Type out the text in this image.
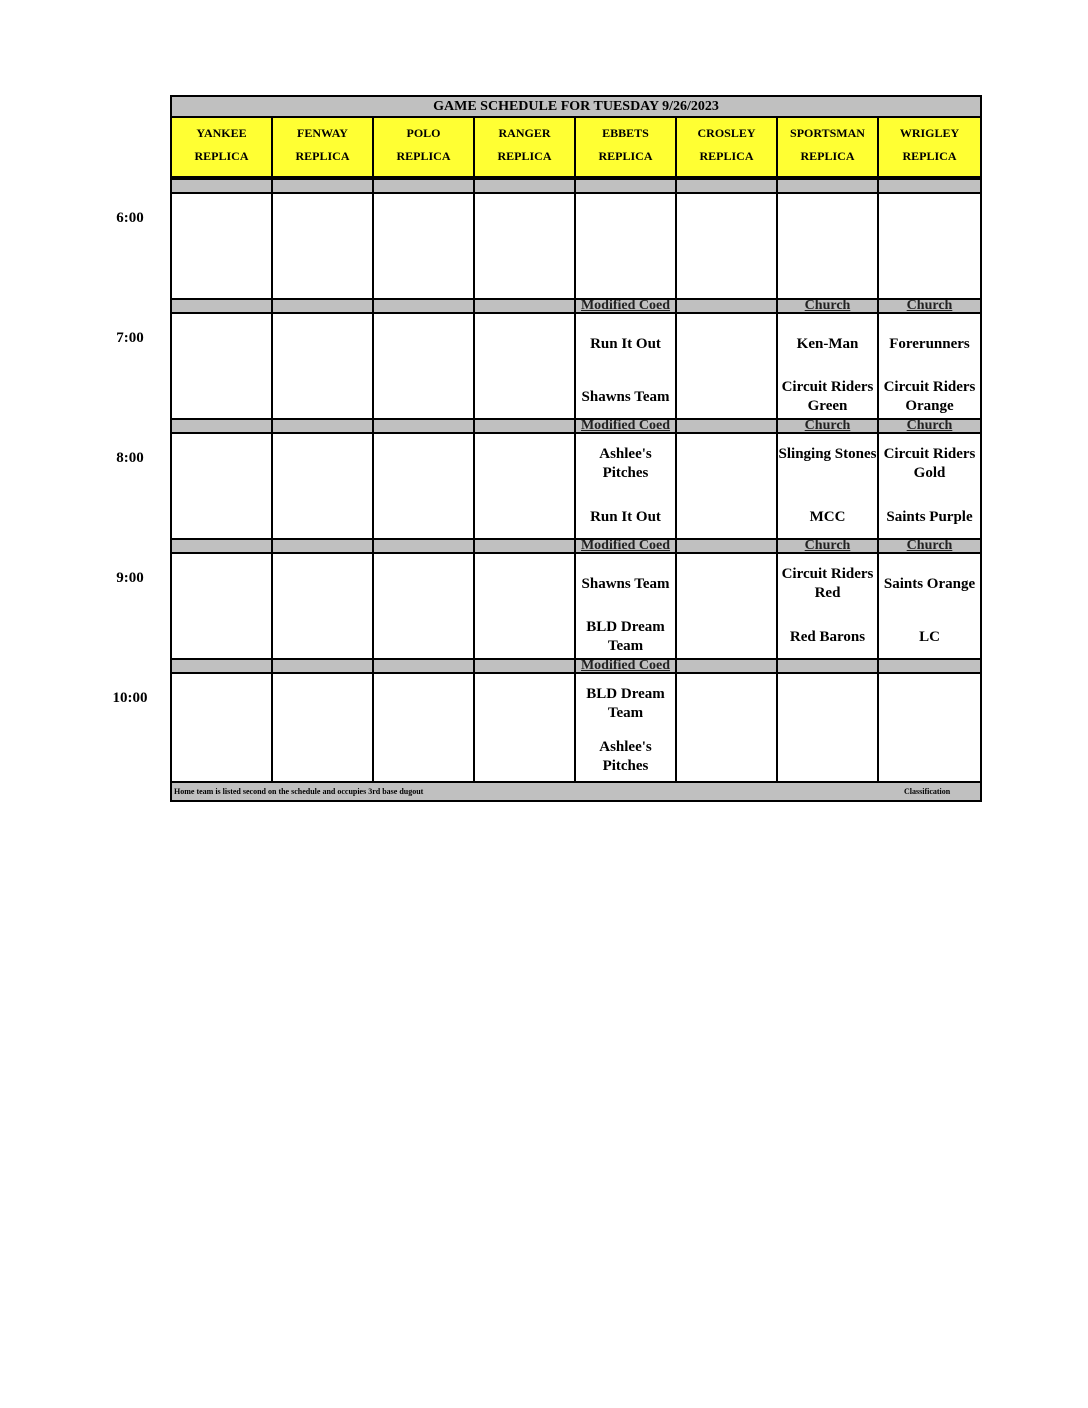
6:00
7:00
8:00
9:00
10:00
GAME SCHEDULE FOR TUESDAY 9/26/2023
YANKEE
REPLICA
FENWAY
REPLICA
POLO
REPLICA
RANGER
REPLICA
EBBETS
REPLICA
Modified Coed
Run It Out
Shawns Team
Modified Coed
Ashlee's Pitches
Run It Out
Modified Coed
Shawns Team
BLD Dream Team
Modified Coed
BLD Dream Team
Ashlee's Pitches
CROSLEY
REPLICA
SPORTSMAN
REPLICA
Church
Ken-Man
Circuit Riders Green
Church
Slinging Stones
MCC
Church
Circuit Riders Red
Red Barons
WRIGLEY
REPLICA
Church
Forerunners
Circuit Riders Orange
Church
Circuit Riders Gold
Saints Purple
Church
Saints Orange
LC
Home team is listed second on the schedule and occupies 3rd base dugout	Classification
